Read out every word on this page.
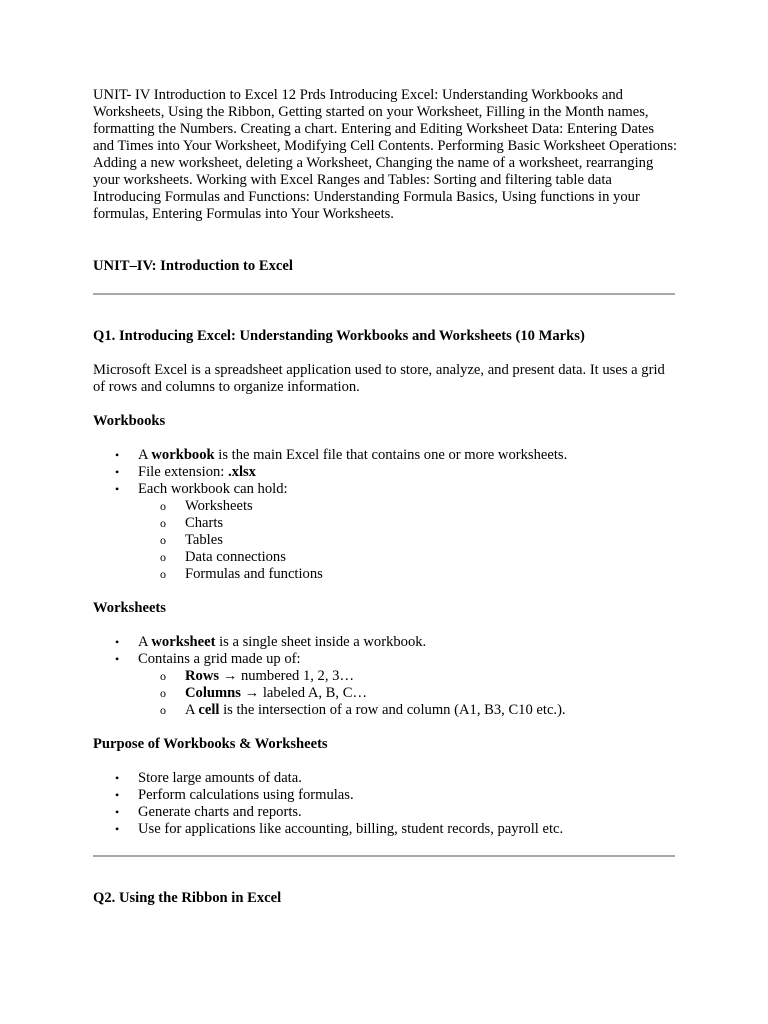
UNIT- IV Introduction to Excel 12 Prds Introducing Excel: Understanding Workbooks and Worksheets, Using the Ribbon, Getting started on your Worksheet, Filling in the Month names, formatting the Numbers. Creating a chart. Entering and Editing Worksheet Data: Entering Dates and Times into Your Worksheet, Modifying Cell Contents. Performing Basic Worksheet Operations: Adding a new worksheet, deleting a Worksheet, Changing the name of a worksheet, rearranging your worksheets. Working with Excel Ranges and Tables: Sorting and filtering table data Introducing Formulas and Functions: Understanding Formula Basics, Using functions in your formulas, Entering Formulas into Your Worksheets.

UNIT–IV: Introduction to Excel

Q1. Introducing Excel: Understanding Workbooks and Worksheets (10 Marks)

Microsoft Excel is a spreadsheet application used to store, analyze, and present data. It uses a grid of rows and columns to organize information.

Workbooks

• A workbook is the main Excel file that contains one or more worksheets.
• File extension: .xlsx
• Each workbook can hold:
o Worksheets
o Charts
o Tables
o Data connections
o Formulas and functions

Worksheets

• A worksheet is a single sheet inside a workbook.
• Contains a grid made up of:
o Rows → numbered 1, 2, 3…
o Columns → labeled A, B, C…
o A cell is the intersection of a row and column (A1, B3, C10 etc.).

Purpose of Workbooks & Worksheets

• Store large amounts of data.
• Perform calculations using formulas.
• Generate charts and reports.
• Use for applications like accounting, billing, student records, payroll etc.

Q2. Using the Ribbon in Excel
